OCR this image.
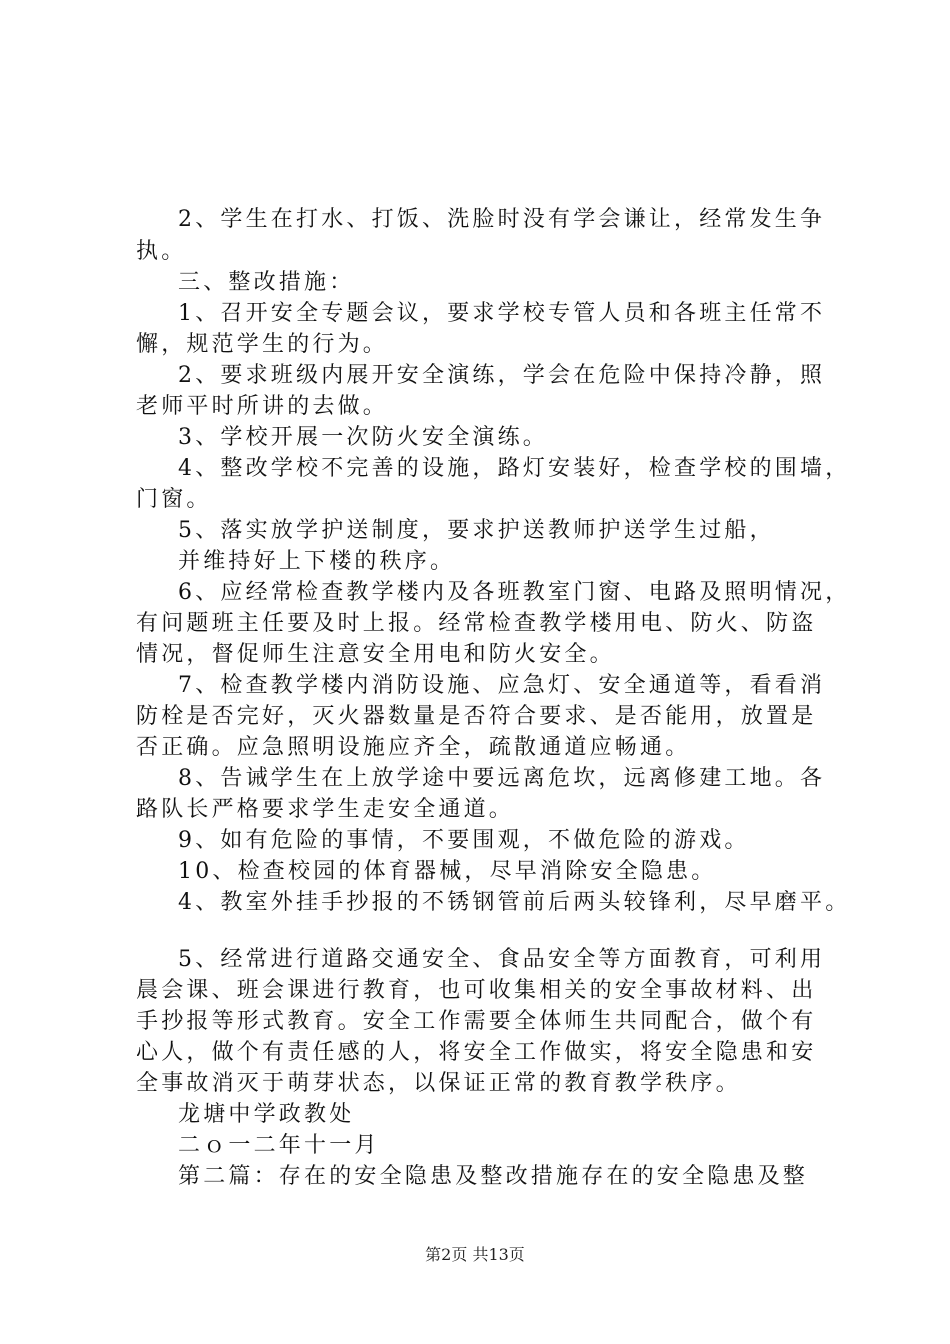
2、学生在打水、打饭、洗脸时没有学会谦让，经常发生争
执。
三、整改措施：
1、召开安全专题会议，要求学校专管人员和各班主任常不
懈，规范学生的行为。
2、要求班级内展开安全演练，学会在危险中保持冷静，照
老师平时所讲的去做。
3、学校开展一次防火安全演练。
4、整改学校不完善的设施，路灯安装好，检查学校的围墙，
门窗。
5、落实放学护送制度，要求护送教师护送学生过船，
并维持好上下楼的秩序。
6、应经常检查教学楼内及各班教室门窗、电路及照明情况，
有问题班主任要及时上报。经常检查教学楼用电、防火、防盗
情况，督促师生注意安全用电和防火安全。
7、检查教学楼内消防设施、应急灯、安全通道等，看看消
防栓是否完好，灭火器数量是否符合要求、是否能用，放置是
否正确。应急照明设施应齐全，疏散通道应畅通。
8、告诫学生在上放学途中要远离危坎，远离修建工地。各
路队长严格要求学生走安全通道。
9、如有危险的事情，不要围观，不做危险的游戏。
10、检查校园的体育器械，尽早消除安全隐患。
4、教室外挂手抄报的不锈钢管前后两头较锋利，尽早磨平。
5、经常进行道路交通安全、食品安全等方面教育，可利用
晨会课、班会课进行教育，也可收集相关的安全事故材料、出
手抄报等形式教育。安全工作需要全体师生共同配合，做个有
心人，做个有责任感的人，将安全工作做实，将安全隐患和安
全事故消灭于萌芽状态，以保证正常的教育教学秩序。
龙塘中学政教处
二ｏ一二年十一月
第二篇：存在的安全隐患及整改措施存在的安全隐患及整
第2页 共13页
